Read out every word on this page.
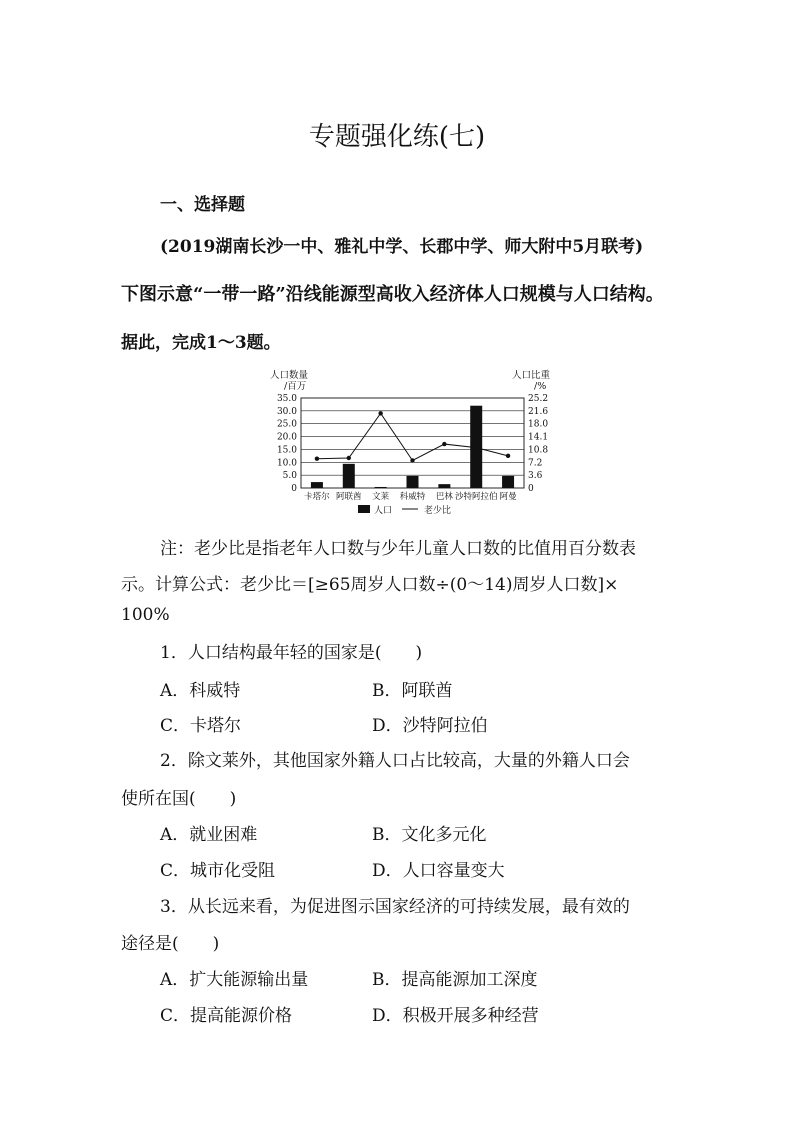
专题强化练(七)
一、选择题
(2019湖南长沙一中、雅礼中学、长郡中学、师大附中5月联考)
下图示意“一带一路”沿线能源型高收入经济体人口规模与人口结构。
据此，完成1～3题。
35.0
30.0
25.0
20.0
15.0
10.0
5.0
0
25.2
21.6
18.0
14.1
10.8
7.2
3.6
0
人口数量
/百万
人口比重
/%
卡塔尔 阿联酋 文莱 科威特 巴林 沙特阿拉伯 阿曼
人口	老少比
注：老少比是指老年人口数与少年儿童人口数的比值用百分数表
示。计算公式：老少比＝[≥65周岁人口数÷(0～14)周岁人口数]×
100%
1．人口结构最年轻的国家是(　　)
A．科威特	B．阿联酋
C．卡塔尔	D．沙特阿拉伯
2．除文莱外，其他国家外籍人口占比较高，大量的外籍人口会
使所在国(　　)
A．就业困难	B．文化多元化
C．城市化受阻	D．人口容量变大
3．从长远来看，为促进图示国家经济的可持续发展，最有效的
途径是(　　)
A．扩大能源输出量	B．提高能源加工深度
C．提高能源价格	D．积极开展多种经营
